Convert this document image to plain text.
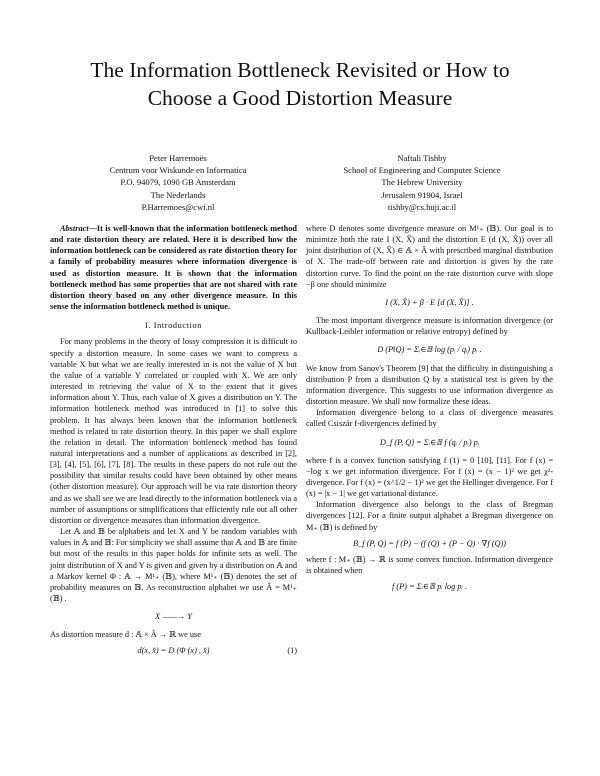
The Information Bottleneck Revisited or How to
Choose a Good Distortion Measure
Peter Harremoës
Centrum voor Wiskunde en Informatica
P.O. 94079, 1090 GB Amsterdam
The Nederlands
P.Harremoes@cwi.nl
Naftali Tishby
School of Engineering and Computer Science
The Hebrew University
Jerusalem 91904, Israel
tishby@cs.huji.ac.il

Abstract—It is well-known that the information bottleneck method and rate distortion theory are related. Here it is described how the information bottleneck can be considered as rate distortion theory for a family of probability measures where information divergence is used as distortion measure. It is shown that the information bottleneck method has some properties that are not shared with rate distortion theory based on any other divergence measure. In this sense the information bottleneck method is unique.

I. Introduction

For many problems in the theory of lossy compression it is difficult to specify a distortion measure. In some cases we want to compress a variable X but what we are really interested in is not the value of X but the value of a variable Y correlated or coupled with X. We are only interested in retrieving the value of X to the extent that it gives information about Y. Thus, each value of X gives a distribution on Y. The information bottleneck method was introduced in [1] to solve this problem. It has always been known that the information bottleneck method is related to rate distortion theory. In this paper we shall explore the relation in detail. The information bottleneck method has found natural interpretations and a number of applications as described in [2], [3], [4], [5], [6], [7], [8]. The results in these papers do not rule out the possibility that similar results could have been obtained by other means (other distortion measure). Our approach will be via rate distortion theory and as we shall see we are lead directly to the information bottleneck via a number of assumptions or simplifications that efficiently rule out all other distortion or divergence measures than information divergence.

Let 𝔸 and 𝔹 be alphabets and let X and Y be random variables with values in 𝔸 and 𝔹: For simplicity we shall assume that 𝔸 and 𝔹 are finite but most of the results in this paper holds for infinite sets as well. The joint distribution of X and Y is given and given by a distribution on 𝔸 and a Markov kernel Φ : 𝔸 → M¹₊ (𝔹), where M¹₊ (𝔹) denotes the set of probability measures on 𝔹. As reconstruction alphabet we use Â = M¹₊ (𝔹) .

X ——→ Y

As distortion measure d : 𝔸 × Â → ℝ we use

d(x, x̂) = D (Φ (x) , x̂)	(1)

where D denotes some divergence measure on M¹₊ (𝔹). Our goal is to minimize both the rate I (X, X̂) and the distortion E (d (X, X̂)) over all joint distribution of (X, X̂) ∈ 𝔸 × Â with prescribed marginal distribution of X. The trade-off between rate and distortion is given by the rate distortion curve. To find the point on the rate distortion curve with slope −β one should minimize

I (X, X̂) + β · E [d (X, X̂)] .

The most important divergence measure is information divergence (or Kullback-Leibler information or relative entropy) defined by

D (P‖Q) = Σᵢ∈𝔹 log (pᵢ / qᵢ) pᵢ .

We know from Sanov's Theorem [9] that the difficulty in distinguishing a distribution P from a distribution Q by a statistical test is given by the information divergence. This suggests to use information divergence as distortion measure. We shall now formalize these ideas.

Information divergence belong to a class of divergence measures called Csiszár f-divergences defined by

D_f (P, Q) = Σᵢ∈𝔹 f (qᵢ / pᵢ) pᵢ

where f is a convex function satisfying f (1) = 0 [10], [11]. For f (x) = −log x we get information divergence. For f (x) = (x − 1)² we get χ²-divergence. For f (x) = (x^1/2 − 1)² we get the Hellinger divergence. For f (x) = |x − 1| we get variational distance.

Information divergence also belongs to the class of Bregman divergences [12]. For a finite output alphabet a Bregman divergence on M₊ (𝔹) is defined by

B_f (P, Q) = f (P) − (f (Q) + (P − Q) · ∇f (Q))

where f : M₊ (𝔹) → ℝ is some convex function. Information divergence is obtained when

f (P) = Σᵢ∈𝔹 pᵢ log pᵢ .
